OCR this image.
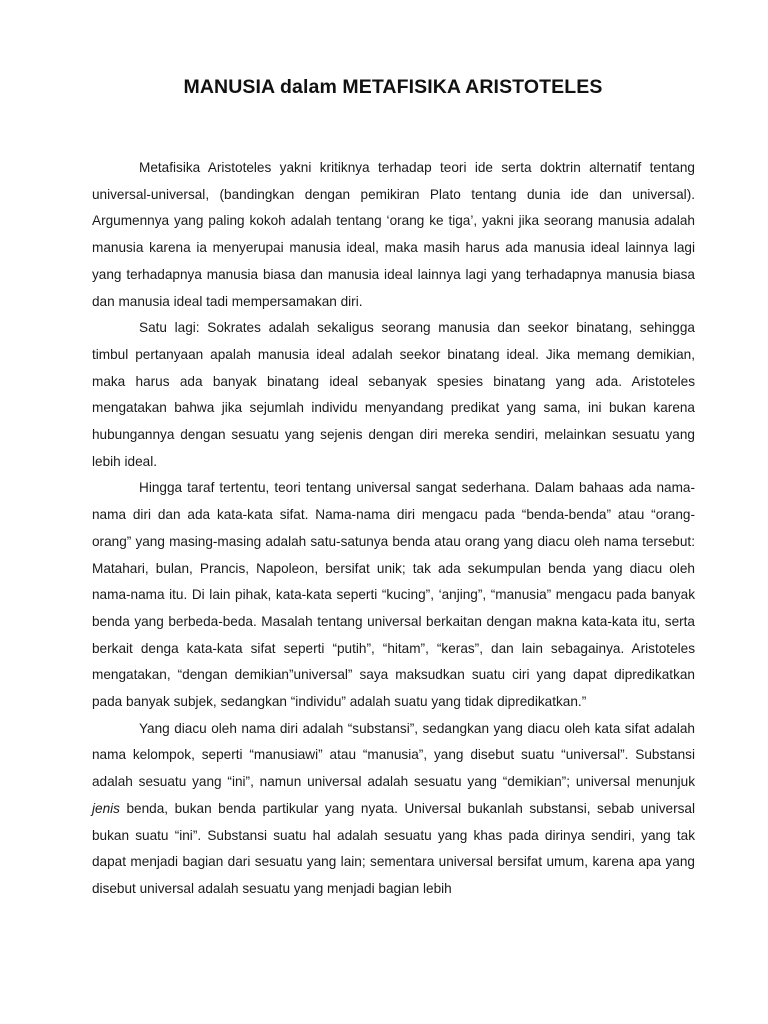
MANUSIA dalam METAFISIKA ARISTOTELES

Metafisika Aristoteles yakni kritiknya terhadap teori ide serta doktrin alternatif tentang universal-universal, (bandingkan dengan pemikiran Plato tentang dunia ide dan universal). Argumennya yang paling kokoh adalah tentang ‘orang ke tiga’, yakni jika seorang manusia adalah manusia karena ia menyerupai manusia ideal, maka masih harus ada manusia ideal lainnya lagi yang terhadapnya manusia biasa dan manusia ideal lainnya lagi yang terhadapnya manusia biasa dan manusia ideal tadi mempersamakan diri.

Satu lagi: Sokrates adalah sekaligus seorang manusia dan seekor binatang, sehingga timbul pertanyaan apalah manusia ideal adalah seekor binatang ideal. Jika memang demikian, maka harus ada banyak binatang ideal sebanyak spesies binatang yang ada. Aristoteles mengatakan bahwa jika sejumlah individu menyandang predikat yang sama, ini bukan karena hubungannya dengan sesuatu yang sejenis dengan diri mereka sendiri, melainkan sesuatu yang lebih ideal.

Hingga taraf tertentu, teori tentang universal sangat sederhana. Dalam bahaas ada nama-nama diri dan ada kata-kata sifat. Nama-nama diri mengacu pada “benda-benda” atau “orang-orang” yang masing-masing adalah satu-satunya benda atau orang yang diacu oleh nama tersebut: Matahari, bulan, Prancis, Napoleon, bersifat unik; tak ada sekumpulan benda yang diacu oleh nama-nama itu. Di lain pihak, kata-kata seperti “kucing”, ‘anjing”, “manusia” mengacu pada banyak benda yang berbeda-beda. Masalah tentang universal berkaitan dengan makna kata-kata itu, serta berkait denga kata-kata sifat seperti “putih”, “hitam”, “keras”, dan lain sebagainya. Aristoteles mengatakan, “dengan demikian”universal” saya maksudkan suatu ciri yang dapat dipredikatkan pada banyak subjek, sedangkan “individu” adalah suatu yang tidak dipredikatkan.”

Yang diacu oleh nama diri adalah “substansi”, sedangkan yang diacu oleh kata sifat adalah nama kelompok, seperti “manusiawi” atau “manusia”, yang disebut suatu “universal”. Substansi adalah sesuatu yang “ini”, namun universal adalah sesuatu yang “demikian”; universal menunjuk jenis benda, bukan benda partikular yang nyata. Universal bukanlah substansi, sebab universal bukan suatu “ini”. Substansi suatu hal adalah sesuatu yang khas pada dirinya sendiri, yang tak dapat menjadi bagian dari sesuatu yang lain; sementara universal bersifat umum, karena apa yang disebut universal adalah sesuatu yang menjadi bagian lebih
